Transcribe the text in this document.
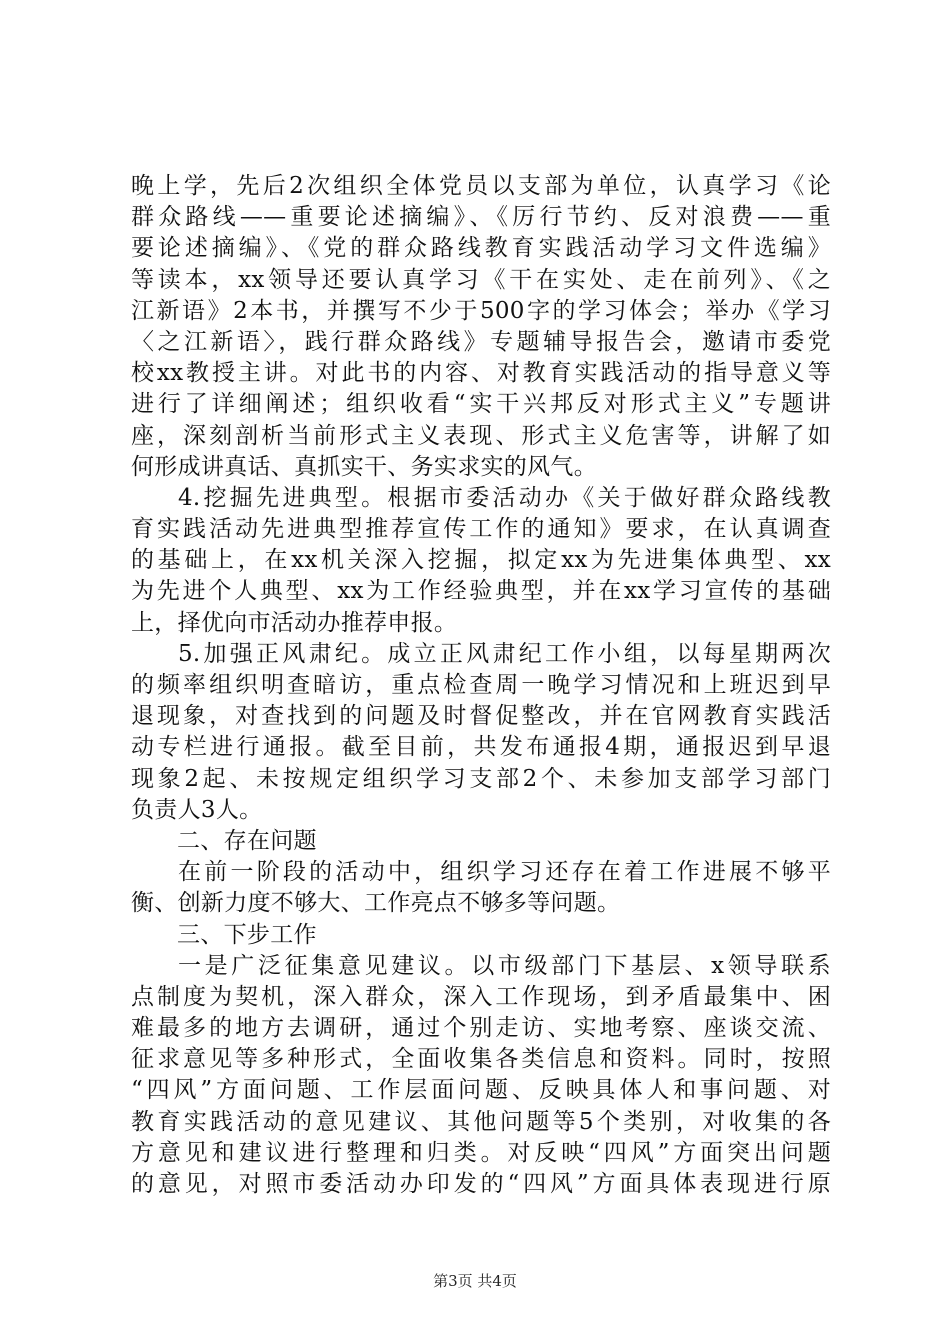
晚上学，先后2次组织全体党员以支部为单位，认真学习《论
群众路线——重要论述摘编》、《厉行节约、反对浪费——重
要论述摘编》、《党的群众路线教育实践活动学习文件选编》
等读本，xx领导还要认真学习《干在实处、走在前列》、《之
江新语》2本书，并撰写不少于500字的学习体会；举办《学习
〈之江新语〉，践行群众路线》专题辅导报告会，邀请市委党
校xx教授主讲。对此书的内容、对教育实践活动的指导意义等
进行了详细阐述；组织收看“实干兴邦反对形式主义”专题讲
座，深刻剖析当前形式主义表现、形式主义危害等，讲解了如
何形成讲真话、真抓实干、务实求实的风气。
4.挖掘先进典型。根据市委活动办《关于做好群众路线教
育实践活动先进典型推荐宣传工作的通知》要求，在认真调查
的基础上，在xx机关深入挖掘，拟定xx为先进集体典型、xx
为先进个人典型、xx为工作经验典型，并在xx学习宣传的基础
上，择优向市活动办推荐申报。
5.加强正风肃纪。成立正风肃纪工作小组，以每星期两次
的频率组织明查暗访，重点检查周一晚学习情况和上班迟到早
退现象，对查找到的问题及时督促整改，并在官网教育实践活
动专栏进行通报。截至目前，共发布通报4期，通报迟到早退
现象2起、未按规定组织学习支部2个、未参加支部学习部门
负责人3人。
二、存在问题
在前一阶段的活动中，组织学习还存在着工作进展不够平
衡、创新力度不够大、工作亮点不够多等问题。
三、下步工作
一是广泛征集意见建议。以市级部门下基层、x领导联系
点制度为契机，深入群众，深入工作现场，到矛盾最集中、困
难最多的地方去调研，通过个别走访、实地考察、座谈交流、
征求意见等多种形式，全面收集各类信息和资料。同时，按照
“四风”方面问题、工作层面问题、反映具体人和事问题、对
教育实践活动的意见建议、其他问题等5个类别，对收集的各
方意见和建议进行整理和归类。对反映“四风”方面突出问题
的意见，对照市委活动办印发的“四风”方面具体表现进行原
第3页 共4页
